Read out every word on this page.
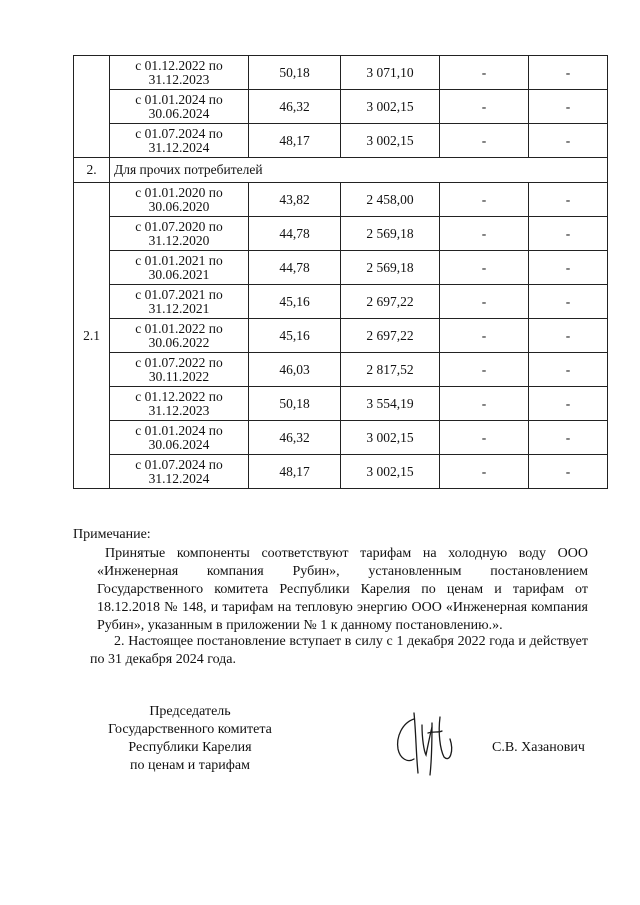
	с 01.12.2022 по 31.12.2023	50,18	3 071,10	-	-
	с 01.01.2024 по 30.06.2024	46,32	3 002,15	-	-
	с 01.07.2024 по 31.12.2024	48,17	3 002,15	-	-
2.	Для прочих потребителей				
2.1	с 01.01.2020 по 30.06.2020	43,82	2 458,00	-	-
	с 01.07.2020 по 31.12.2020	44,78	2 569,18	-	-
	с 01.01.2021 по 30.06.2021	44,78	2 569,18	-	-
	с 01.07.2021 по 31.12.2021	45,16	2 697,22	-	-
	с 01.01.2022 по 30.06.2022	45,16	2 697,22	-	-
	с 01.07.2022 по 30.11.2022	46,03	2 817,52	-	-
	с 01.12.2022 по 31.12.2023	50,18	3 554,19	-	-
	с 01.01.2024 по 30.06.2024	46,32	3 002,15	-	-
	с 01.07.2024 по 31.12.2024	48,17	3 002,15	-	-
Примечание:

Принятые компоненты соответствуют тарифам на холодную воду ООО «Инженерная компания Рубин», установленным постановлением Государственного комитета Республики Карелия по ценам и тарифам от 18.12.2018 № 148, и тарифам на тепловую энергию ООО «Инженерная компания Рубин», указанным в приложении № 1 к данному постановлению.».

2. Настоящее постановление вступает в силу с 1 декабря 2022 года и действует по 31 декабря 2024 года.

Председатель
Государственного комитета
Республики Карелия
по ценам и тарифам
С.В. Хазанович
